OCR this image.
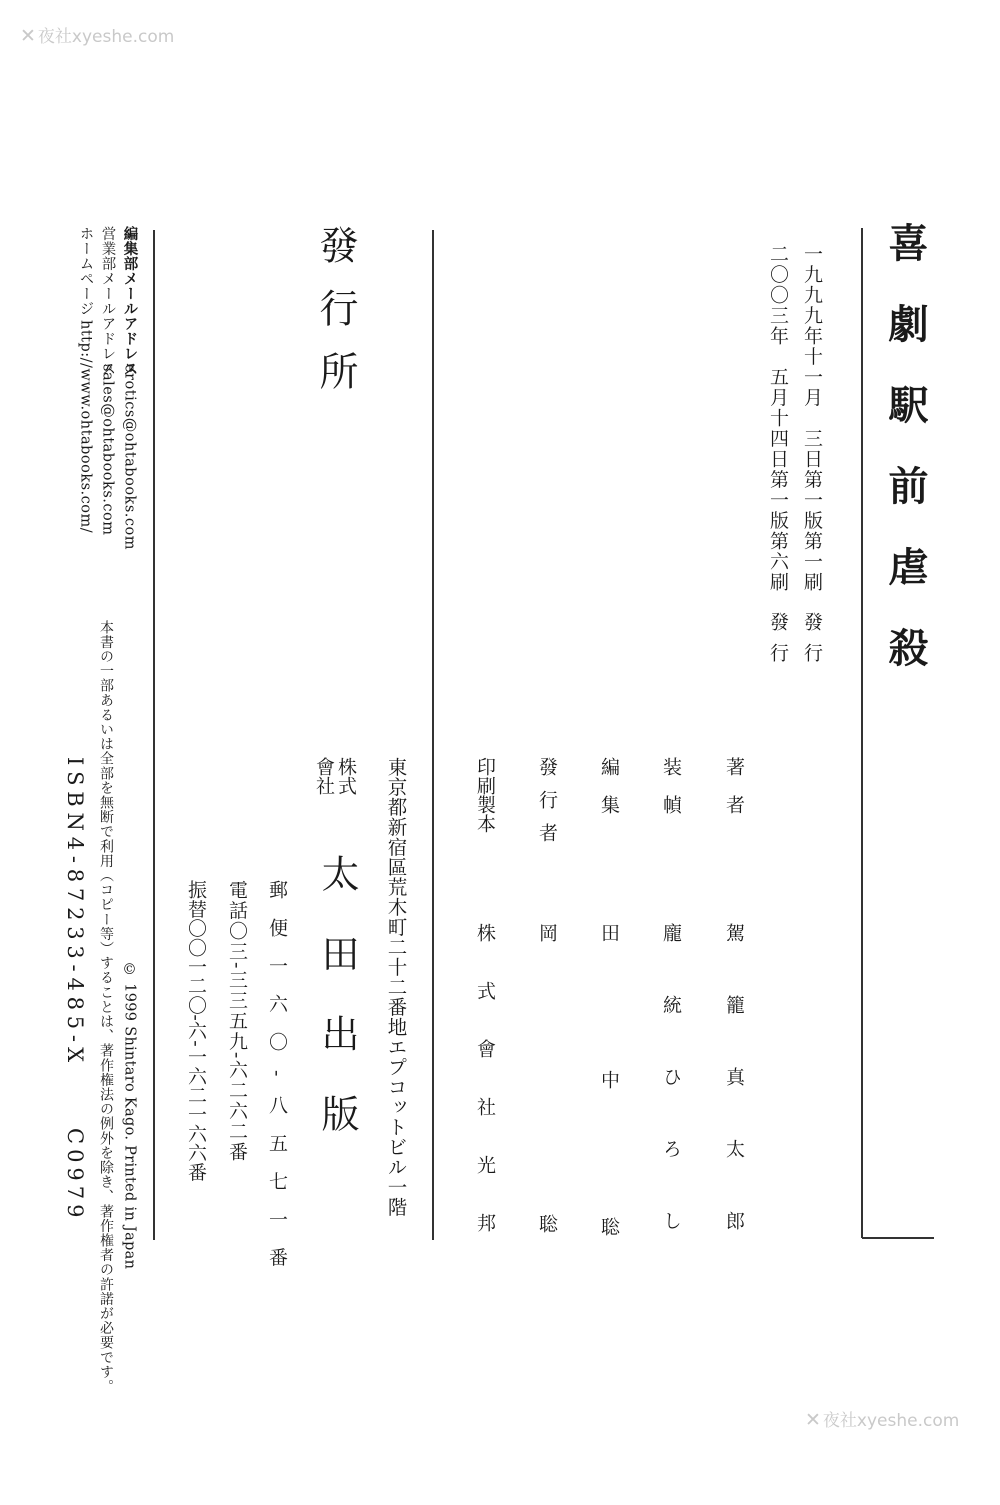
✕ 夜社xyeshe.com
✕ 夜社xyeshe.com
喜劇駅前虐殺
一九九九年十一月　三日第一版第一刷
發行
二〇〇三年　五月十四日第一版第六刷
發行
著　者
駕籠真太郎
装　幀
龐統ひろし
編　集
田中聡
發行者
岡聡
印刷製本
株式會社光邦
發行所
東京都新宿區荒木町二十二番地エプコットビル一階
株式
會社
太田出版
郵便一六〇-八五七一番
電話〇三-三三五九-六二六二番
振替〇〇一二〇-六-一六二一六六番
編集部メールアドレス
erotics@ohtabooks.com
営業部メールアドレス
sales@ohtabooks.com
ホームページ
http://www.ohtabooks.com/
© 1999 Shintaro Kago. Printed in Japan
本書の一部あるいは全部を無断で利用（コピー等）することは、著作権法の例外を除き、著作権者の許諾が必要です。
ISBN4-87233-485-X
C0979
